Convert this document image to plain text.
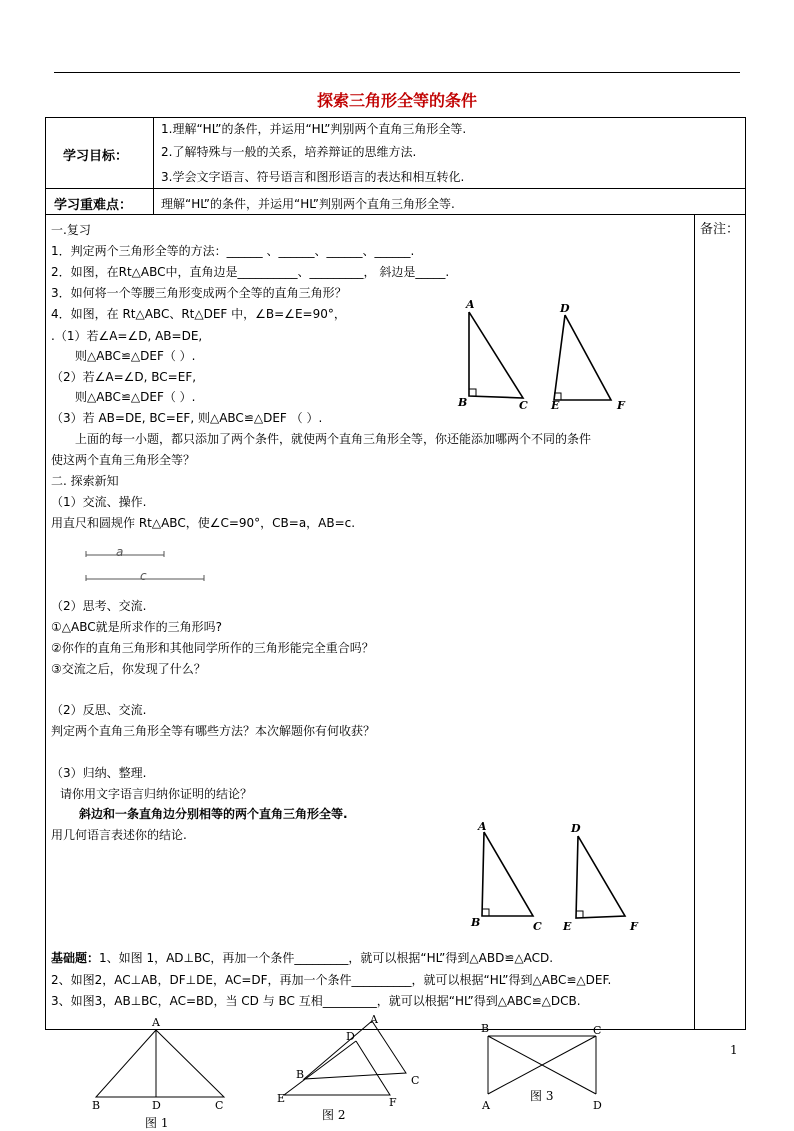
探索三角形全等的条件
学习目标：
1.理解“HL”的条件，并运用“HL”判别两个直角三角形全等.
2.了解特殊与一般的关系，培养辩证的思维方法.
3.学会文字语言、符号语言和图形语言的表达和相互转化.
学习重难点： 理解“HL”的条件，并运用“HL”判别两个直角三角形全等.
备注：
一.复习
1．判定两个三角形全等的方法：______ 、______、______、______.
2．如图，在Rt△ABC中，直角边是__________、_________， 斜边是_____.
3．如何将一个等腰三角形变成两个全等的直角三角形？
4．如图，在 Rt△ABC、Rt△DEF 中，∠B=∠E=90°，
.（1）若∠A=∠D, AB=DE,
则△ABC≌△DEF（ ）.
（2）若∠A=∠D, BC=EF,
则△ABC≌△DEF（ ）.
（3）若 AB=DE, BC=EF, 则△ABC≌△DEF （ ）.
上面的每一小题，都只添加了两个条件，就使两个直角三角形全等，你还能添加哪两个不同的条件
使这两个直角三角形全等？
A
B	C
D
E	F
二. 探索新知
（1）交流、操作.
用直尺和圆规作 Rt△ABC，使∠C=90°，CB=a，AB=c.
a
c
（2）思考、交流.
①△ABC就是所求作的三角形吗?
②你作的直角三角形和其他同学所作的三角形能完全重合吗？
③交流之后，你发现了什么？
（2）反思、交流.
判定两个直角三角形全等有哪些方法？本次解题你有何收获？
（3）归纳、整理.
请你用文字语言归纳你证明的结论？
斜边和一条直角边分别相等的两个直角三角形全等.
用几何语言表述你的结论.
A
B	C
D
E	F
基础题：1、如图 1，AD⊥BC，再加一个条件_________，就可以根据“HL”得到△ABD≌△ACD.
2、如图2，AC⊥AB，DF⊥DE，AC=DF，再加一个条件__________，就可以根据“HL”得到△ABC≌△DEF.
3、如图3，AB⊥BC，AC=BD，当 CD 与 BC 互相_________，就可以根据“HL”得到△ABC≌△DCB.
A
B	D	C
图 1
A
D
B	C
E	F
图 2
B	C
A	D
图 3
1
